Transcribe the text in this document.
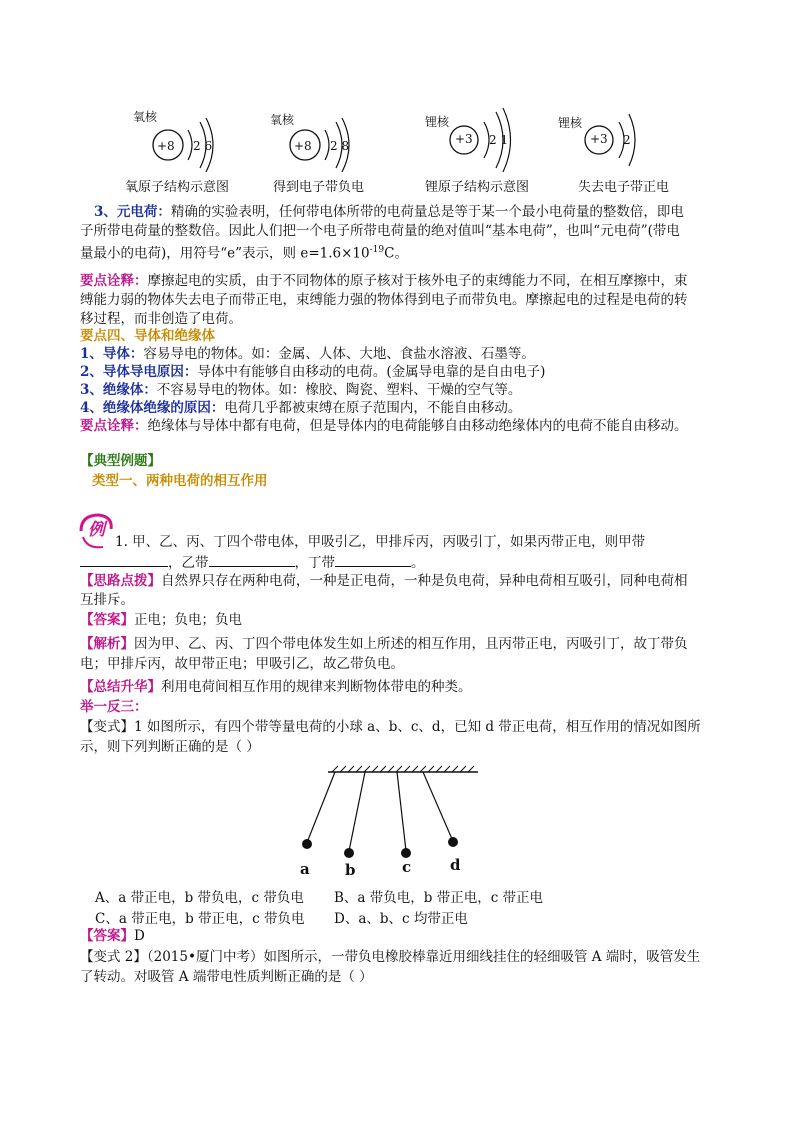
氧核
+8 2 6
氧原子结构示意图
氧核
+8 2 8
得到电子带负电
锂核
+3 2 1
锂原子结构示意图
锂核
+3 2
失去电子带正电
3、元电荷：精确的实验表明，任何带电体所带的电荷量总是等于某一个最小电荷量的整数倍，即电
子所带电荷量的整数倍。因此人们把一个电子所带电荷量的绝对值叫“基本电荷”，也叫“元电荷”(带电
量最小的电荷)，用符号“e”表示，则 $e=1.6\times 10^{-19}C$。
要点诠释：摩擦起电的实质，由于不同物体的原子核对于核外电子的束缚能力不同，在相互摩擦中，束
缚能力弱的物体失去电子而带正电，束缚能力强的物体得到电子而带负电。摩擦起电的过程是电荷的转
移过程，而非创造了电荷。
要点四、导体和绝缘体
1、导体：容易导电的物体。如：金属、人体、大地、食盐水溶液、石墨等。
2、导体导电原因：导体中有能够自由移动的电荷。(金属导电靠的是自由电子)
3、绝缘体：不容易导电的物体。如：橡胶、陶瓷、塑料、干燥的空气等。
4、绝缘体绝缘的原因：电荷几乎都被束缚在原子范围内，不能自由移动。
要点诠释：绝缘体与导体中都有电荷，但是导体内的电荷能够自由移动绝缘体内的电荷不能自由移动。
【典型例题】
类型一、两种电荷的相互作用
例
1. 甲、乙、丙、丁四个带电体，甲吸引乙，甲排斥丙，丙吸引丁，如果丙带正电，则甲带
，乙带	，丁带	。
【思路点拨】自然界只存在两种电荷，一种是正电荷，一种是负电荷，异种电荷相互吸引，同种电荷相
互排斥。
【答案】正电；负电；负电
【解析】因为甲、乙、丙、丁四个带电体发生如上所述的相互作用，且丙带正电，丙吸引丁，故丁带负
电；甲排斥丙，故甲带正电；甲吸引乙，故乙带负电。
【总结升华】利用电荷间相互作用的规律来判断物体带电的种类。
举一反三：
【变式】1 如图所示，有四个带等量电荷的小球 a、b、c、d，已知 d 带正电荷，相互作用的情况如图所
示，则下列判断正确的是（ ）
a b	c	d
A、a 带正电，b 带负电，c 带负电 B、a 带负电，b 带正电，c 带正电
C、a 带正电，b 带正电，c 带负电 D、a、b、c 均带正电
【答案】D
【变式 2】（2015•厦门中考）如图所示，一带负电橡胶棒靠近用细线挂住的轻细吸管 A 端时，吸管发生
了转动。对吸管 A 端带电性质判断正确的是（ ）
